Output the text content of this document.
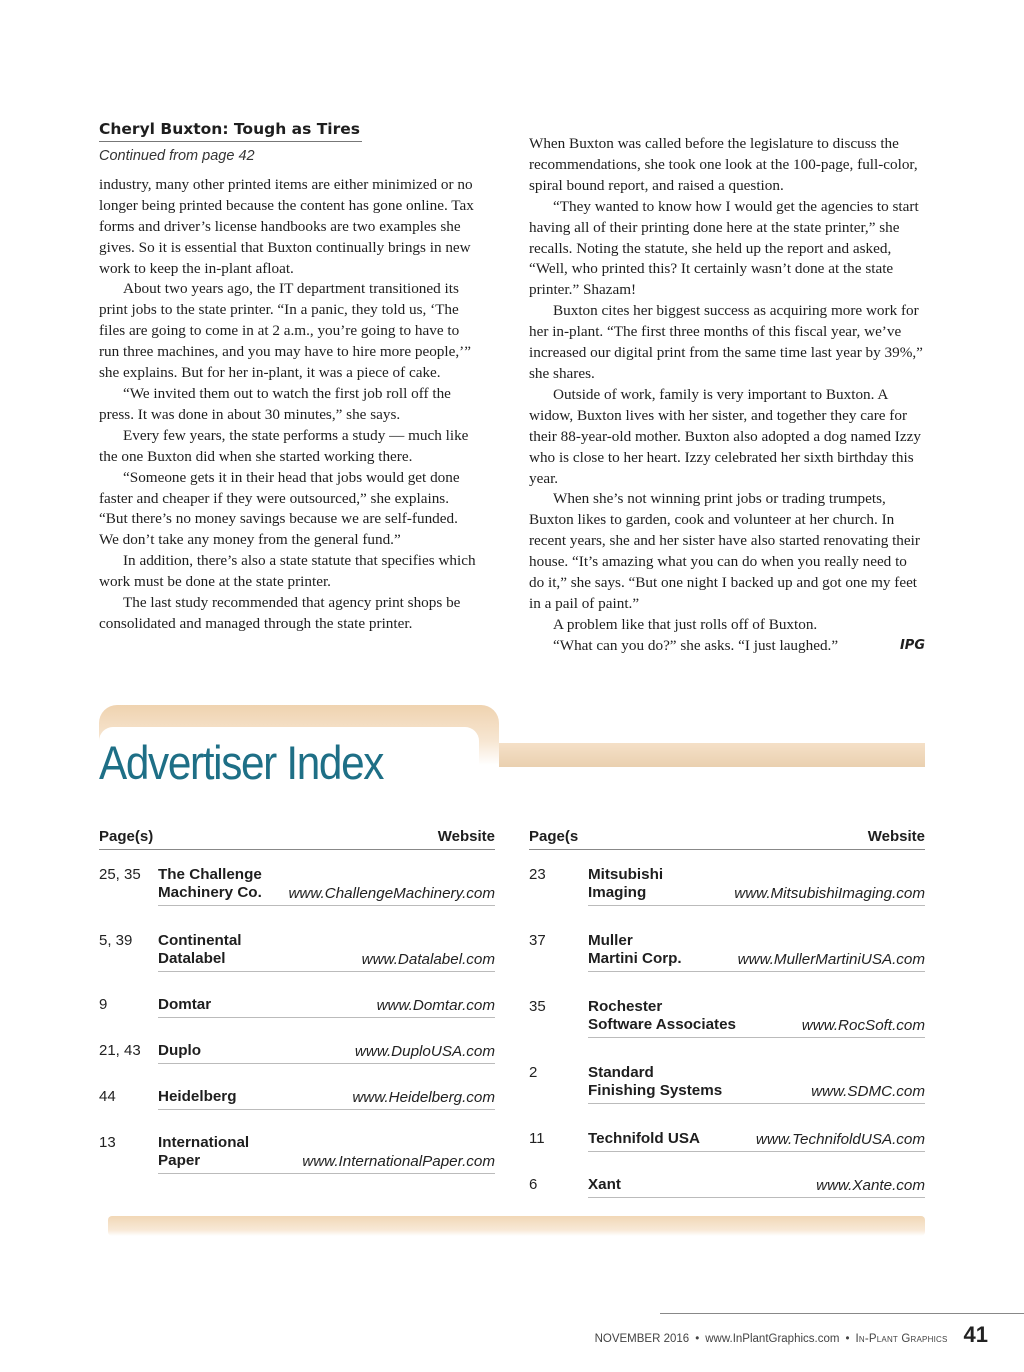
Cheryl Buxton: Tough as Tires
Continued from page 42

industry, many other printed items are either minimized or no longer being printed because the content has gone online. Tax forms and driver’s license handbooks are two examples she gives. So it is essential that Buxton continually brings in new work to keep the in-plant afloat.

About two years ago, the IT department transitioned its print jobs to the state printer. “In a panic, they told us, ‘The files are going to come in at 2 a.m., you’re going to have to run three machines, and you may have to hire more people,’” she explains. But for her in-plant, it was a piece of cake.

“We invited them out to watch the first job roll off the press. It was done in about 30 minutes,” she says.

Every few years, the state performs a study — much like the one Buxton did when she started working there.

“Someone gets it in their head that jobs would get done faster and cheaper if they were outsourced,” she explains. “But there’s no money savings because we are self-funded. We don’t take any money from the general fund.”

In addition, there’s also a state statute that specifies which work must be done at the state printer.

The last study recommended that agency print shops be consolidated and managed through the state printer.

When Buxton was called before the legislature to discuss the recommendations, she took one look at the 100-page, full-color, spiral bound report, and raised a question.

“They wanted to know how I would get the agencies to start having all of their printing done here at the state printer,” she recalls. Noting the statute, she held up the report and asked, “Well, who printed this? It certainly wasn’t done at the state printer.” Shazam!

Buxton cites her biggest success as acquiring more work for her in-plant. “The first three months of this fiscal year, we’ve increased our digital print from the same time last year by 39%,” she shares.

Outside of work, family is very important to Buxton. A widow, Buxton lives with her sister, and together they care for their 88-year-old mother. Buxton also adopted a dog named Izzy who is close to her heart. Izzy celebrated her sixth birthday this year.

When she’s not winning print jobs or trading trumpets, Buxton likes to garden, cook and volunteer at her church. In recent years, she and her sister have also started renovating their house. “It’s amazing what you can do when you really need to do it,” she says. “But one night I backed up and got one my feet in a pail of paint.”

A problem like that just rolls off of Buxton.

“What can you do?” she asks. “I just laughed.”	IPG

Advertiser Index
Page(s)	Website
25, 35 The Challenge
Machinery Co.	www.ChallengeMachinery.com
5, 39 Continental
Datalabel	www.Datalabel.com
9	Domtar	www.Domtar.com
21, 43 Duplo	www.DuploUSA.com
44	Heidelberg	www.Heidelberg.com
13	International
Paper	www.InternationalPaper.com
Page(s	Website
23	Mitsubishi
Imaging	www.MitsubishiImaging.com
37	Muller
Martini Corp.	www.MullerMartiniUSA.com
35	Rochester
Software Associates	www.RocSoft.com
2	Standard
Finishing Systems	www.SDMC.com
11	Technifold USA	www.TechnifoldUSA.com
6	Xant	www.Xante.com
NOVEMBER 2016 • www.InPlantGraphics.com • In-Plant Graphics 41
